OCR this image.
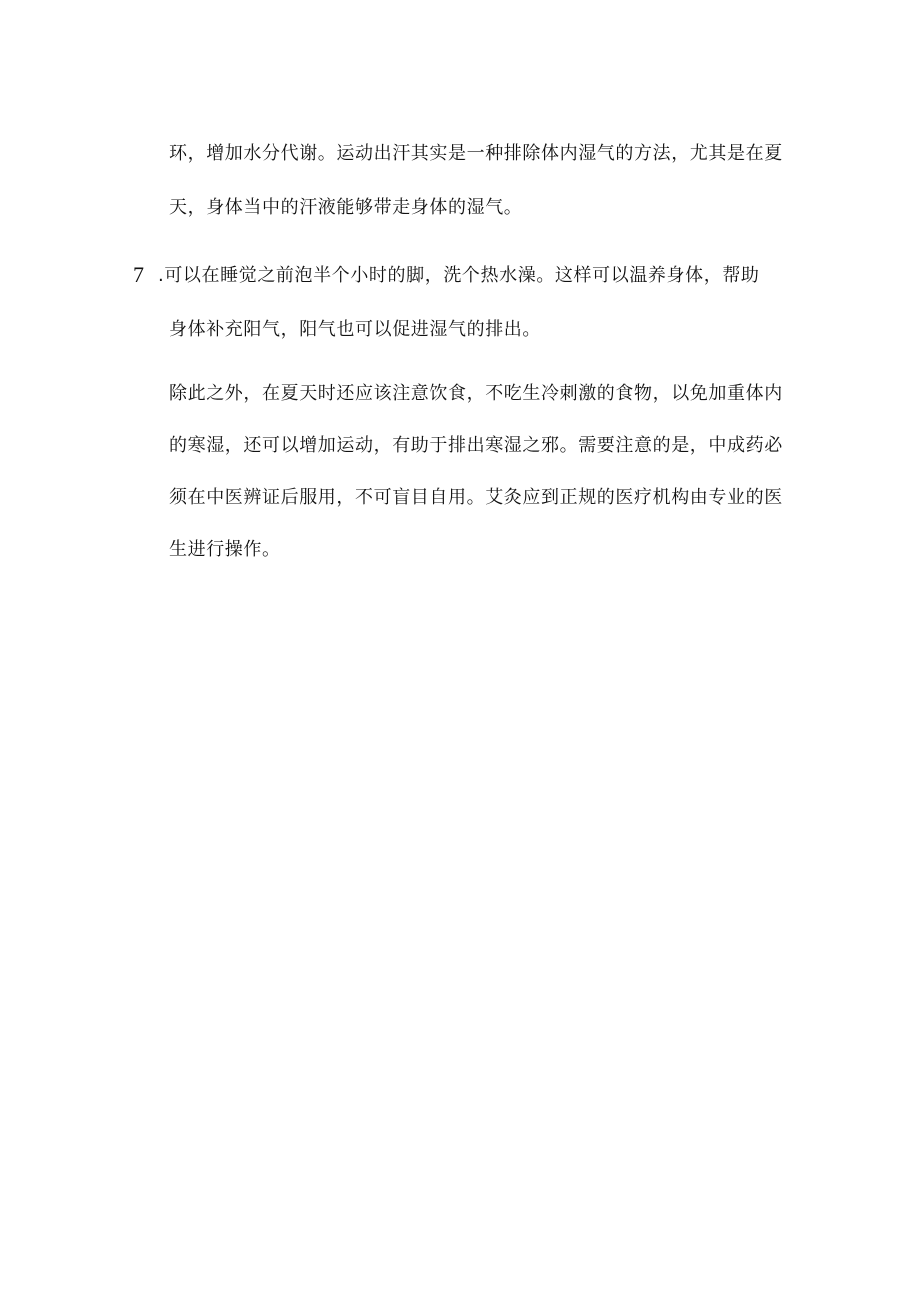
环，增加水分代谢。运动出汗其实是一种排除体内湿气的方法，尤其是在夏
天，身体当中的汗液能够带走身体的湿气。
7 .可以在睡觉之前泡半个小时的脚，洗个热水澡。这样可以温养身体，帮助
身体补充阳气，阳气也可以促进湿气的排出。
除此之外，在夏天时还应该注意饮食，不吃生冷刺激的食物，以免加重体内
的寒湿，还可以增加运动，有助于排出寒湿之邪。需要注意的是，中成药必
须在中医辨证后服用，不可盲目自用。艾灸应到正规的医疗机构由专业的医
生进行操作。
